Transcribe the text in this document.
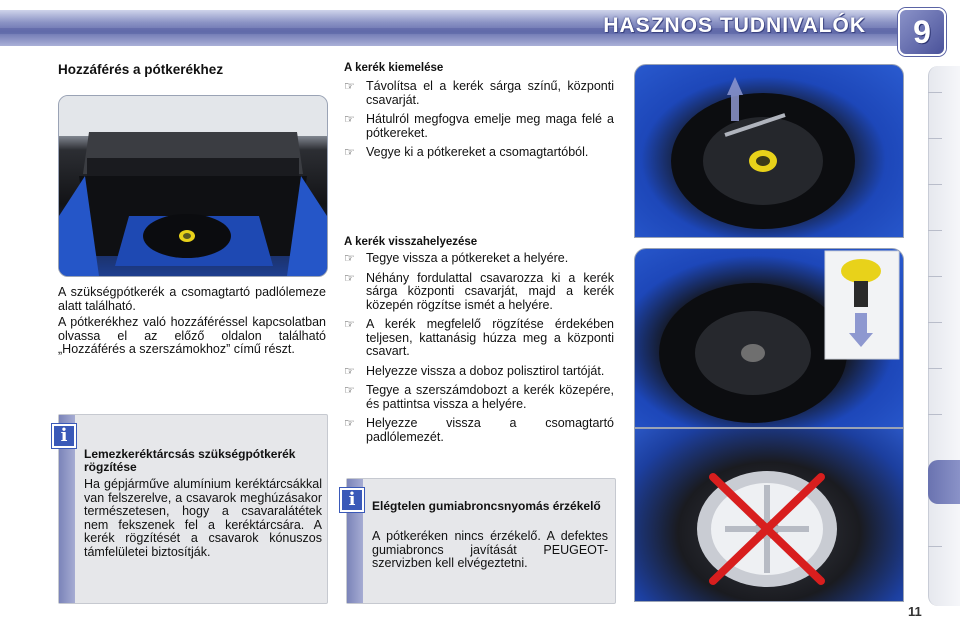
HASZNOS TUDNIVALÓK	9
Hozzáférés a pótkerékhez
A szükségpótkerék a csomagtartó padlólemeze alatt található.
A pótkerékhez való hozzáféréssel kapcsolatban olvassa el az előző oldalon található „Hozzáférés a szerszámokhoz” című részt.
i
Lemezkeréktárcsás szükségpótkerék rögzítése
Ha gépjárműve alumínium keréktárcsákkal van felszerelve, a csavarok meghúzásakor természetesen, hogy a csavaralátétek nem fekszenek fel a keréktárcsára. A kerék rögzítését a csavarok kónuszos támfelületei biztosítják.
A kerék kiemelése
☞ Távolítsa el a kerék sárga színű, központi csavarját.
☞ Hátulról megfogva emelje meg maga felé a pótkereket.
☞ Vegye ki a pótkereket a csomagtartóból.
A kerék visszahelyezése
☞ Tegye vissza a pótkereket a helyére.
☞ Néhány fordulattal csavarozza ki a kerék sárga központi csavarját, majd a kerék közepén rögzítse ismét a helyére.
☞ A kerék megfelelő rögzítése érdekében teljesen, kattanásig húzza meg a központi csavart.
☞ Helyezze vissza a doboz polisztirol tartóját.
☞ Tegye a szerszámdobozt a kerék közepére, és pattintsa vissza a helyére.
☞ Helyezze vissza a csomagtartó padlólemezét.
i	Elégtelen gumiabroncsnyomás érzékelő
A pótkeréken nincs érzékelő. A defektes gumiabroncs javítását PEUGEOT-szervizben kell elvégeztetni.
11
